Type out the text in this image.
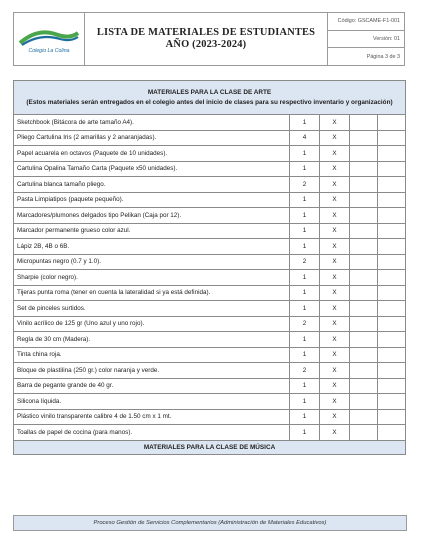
Colegio La Colina
LISTA DE MATERIALES DE ESTUDIANTES
AÑO (2023-2024)
Código: GSCAME-F1-001
Versión: 01
Página 3 de 3
MATERIALES PARA LA CLASE DE ARTE
(Estos materiales serán entregados en el colegio antes del inicio de clases para su respectivo inventario y organización)				

Sketchbook (Bitácora de arte tamaño A4).	1	X		
Pliego Cartulina Iris (2 amarillas y 2 anaranjadas).	4	X		
Papel acuarela en octavos (Paquete de 10 unidades).	1	X		
Cartulina Opalina Tamaño Carta (Paquete x50 unidades).	1	X		
Cartulina blanca tamaño pliego.	2	X		
Pasta Limpiatipos (paquete pequeño).	1	X		
Marcadores/plumones delgados tipo Pelikan (Caja por 12).	1	X		
Marcador permanente grueso color azul.	1	X		
Lápiz 2B, 4B o 6B.	1	X		
Micropuntas negro (0.7 y 1.0).	2	X		
Sharpie (color negro).	1	X		
Tijeras punta roma (tener en cuenta la lateralidad si ya está definida).	1	X		
Set de pinceles surtidos.	1	X		
Vinilo acrílico de 125 gr (Uno azul y uno rojo).	2	X		
Regla de 30 cm (Madera).	1	X		
Tinta china roja.	1	X		
Bloque de plastilina (250 gr.) color naranja y verde.	2	X		
Barra de pegante grande de 40 gr.	1	X		
Silicona líquida.	1	X		
Plástico vinilo transparente calibre 4 de 1.50 cm x 1 mt.	1	X		
Toallas de papel de cocina (para manos).	1	X		
MATERIALES PARA LA CLASE DE MÚSICA				
Proceso Gestión de Servicios Complementarios (Administración de Materiales Educativos)
